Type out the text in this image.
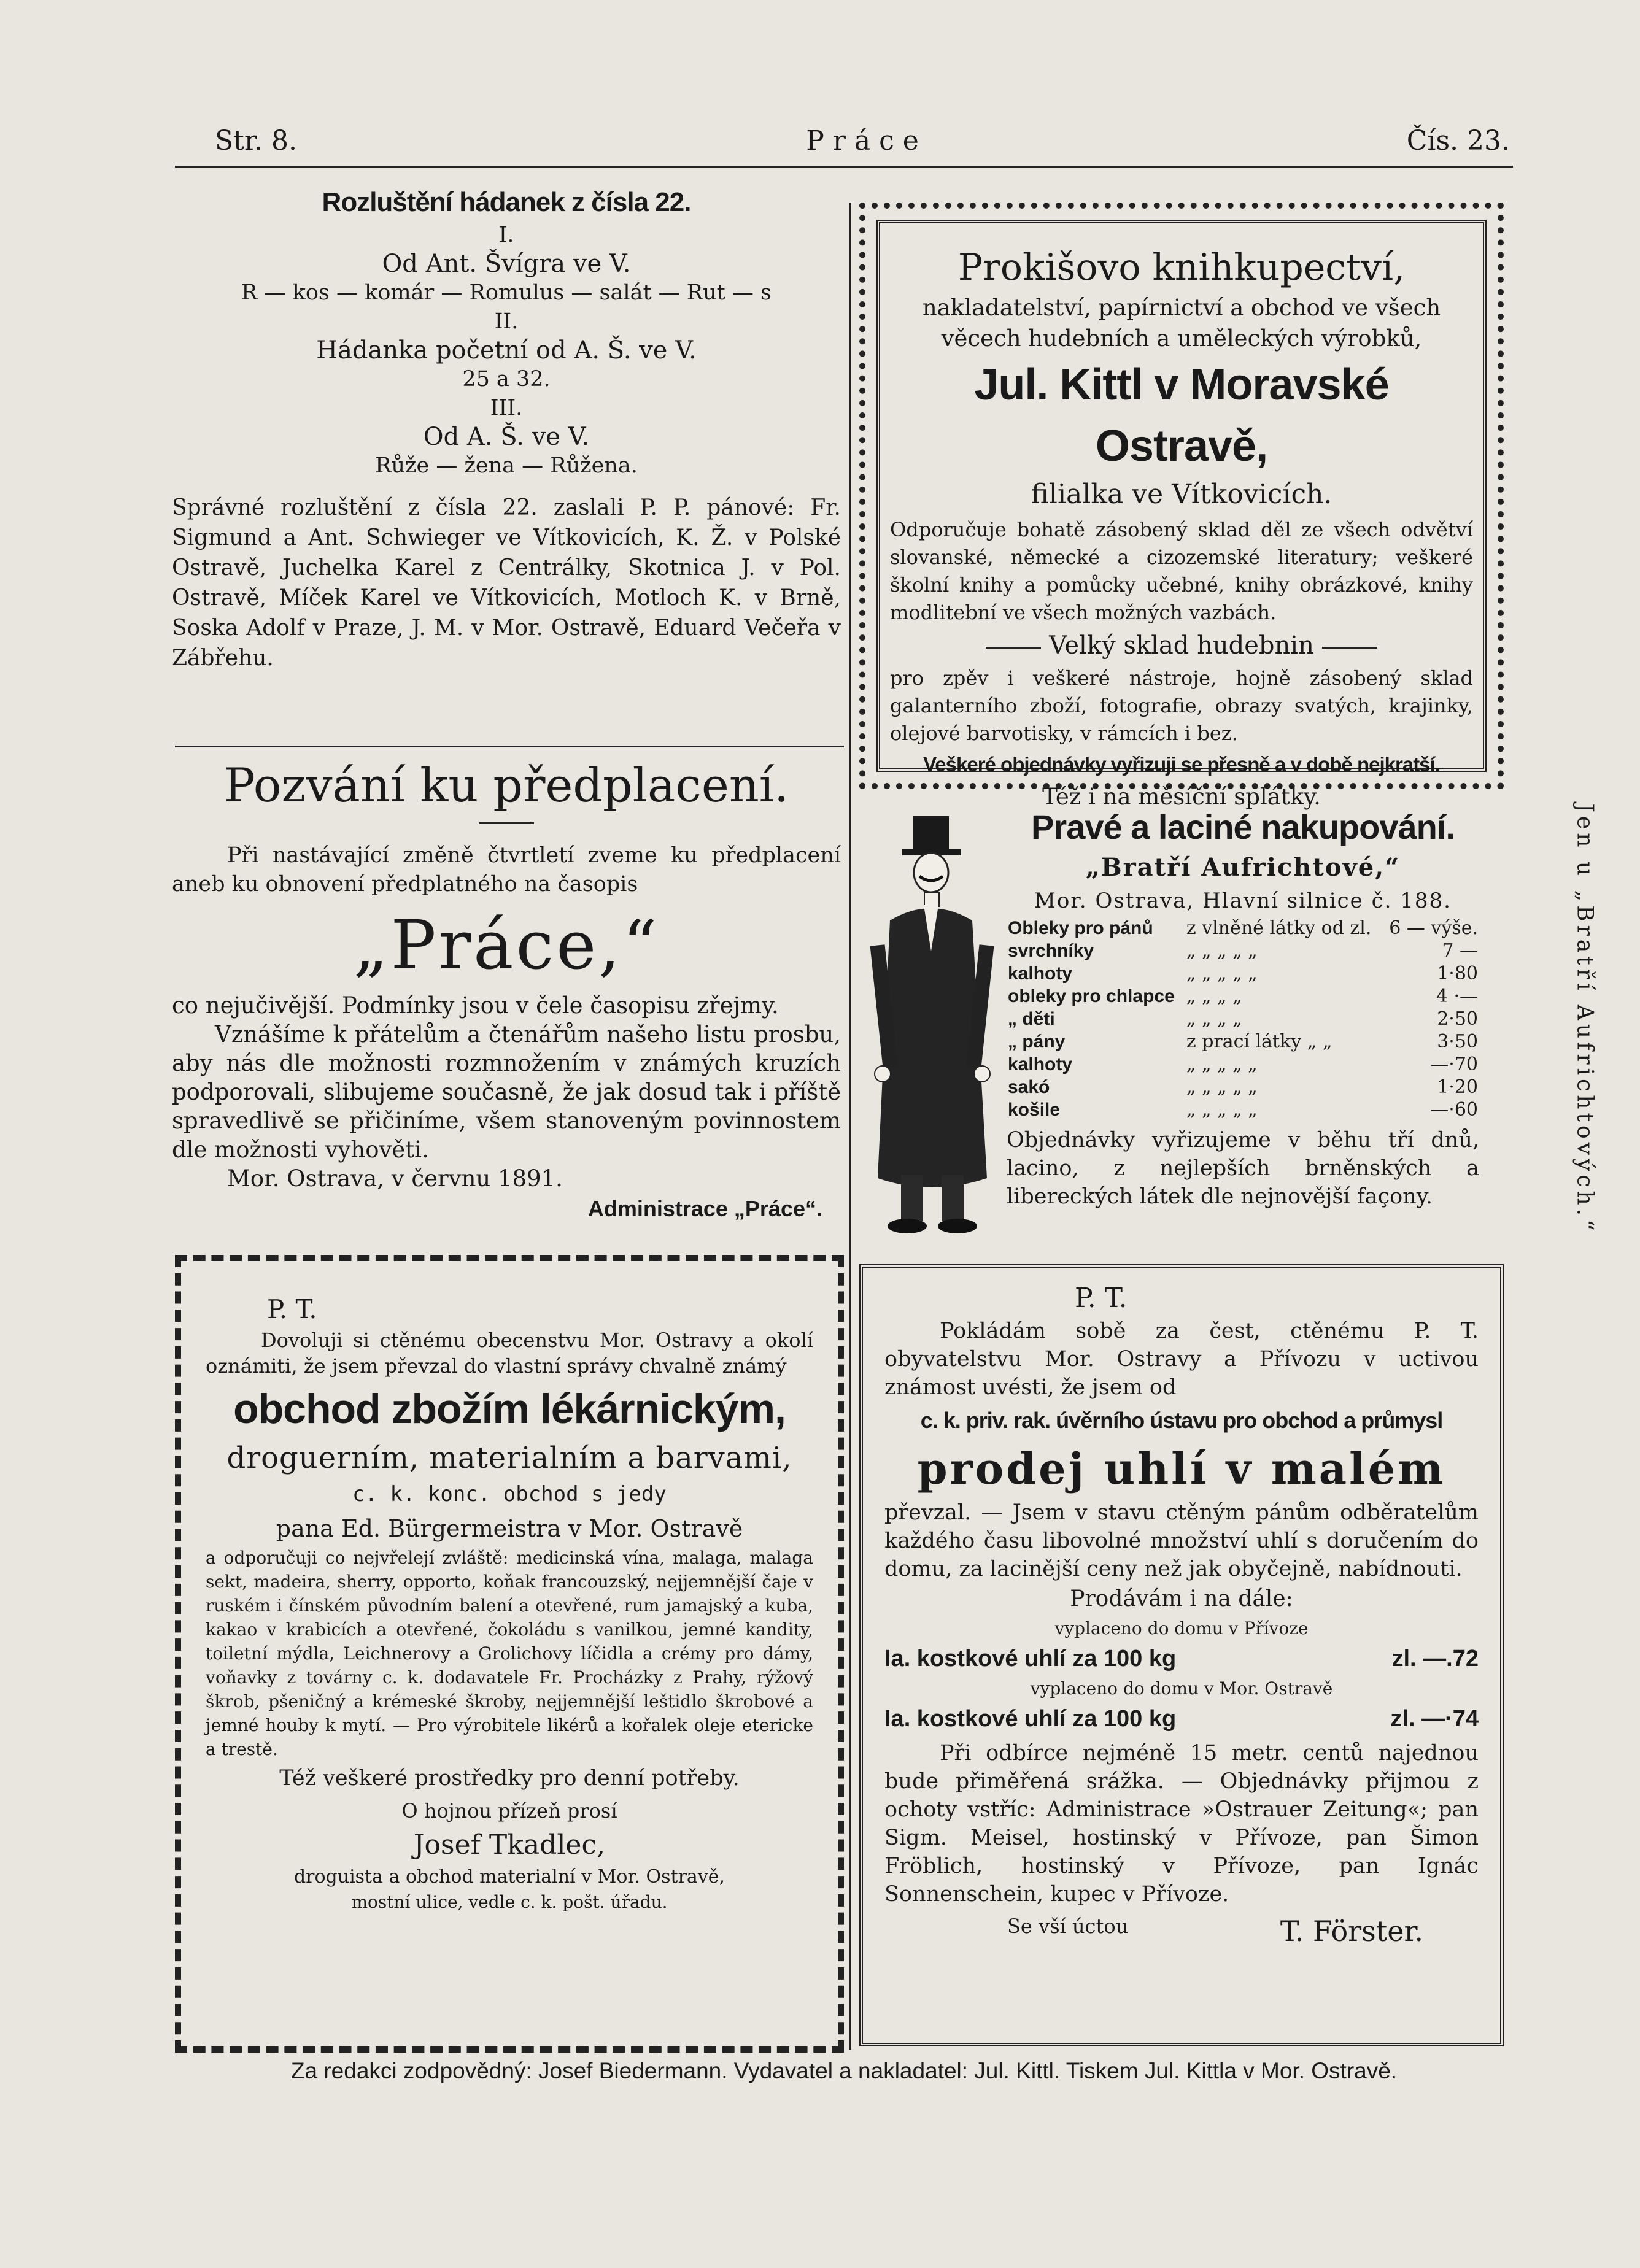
Str. 8.	P r á c e	Čís. 23.
Rozluštění hádanek z čísla 22.
I.
Od Ant. Švígra ve V.
R — kos — komár — Romulus — salát — Rut — s
II.
Hádanka početní od A. Š. ve V.
25 a 32.
III.
Od A. Š. ve V.
Růže — žena — Růžena.
Správné rozluštění z čísla 22. zaslali P. P. pánové: Fr. Sigmund a Ant. Schwieger ve Vítkovicích, K. Ž. v Polské Ostravě, Juchelka Karel z Centrálky, Skotnica J. v Pol. Ostravě, Míček Karel ve Vítkovicích, Motloch K. v Brně, Soska Adolf v Praze, J. M. v Mor. Ostravě, Eduard Večeřa v Zábřehu.
Pozvání ku předplacení.
Při nastávající změně čtvrtletí zveme ku předplacení aneb ku obnovení předplatného na časopis
„Práce,“
co nejučivější. Podmínky jsou v čele časopisu zřejmy.
Vznášíme k přátelům a čtenářům našeho listu prosbu, aby nás dle možnosti rozmnožením v známých kruzích podporovali, slibujeme současně, že jak dosud tak i příště spravedlivě se přičiníme, všem stanoveným povinnostem dle možnosti vyhověti.
Mor. Ostrava, v červnu 1891.
Administrace „Práce“.
Prokišovo knihkupectví,
nakladatelství, papírnictví a obchod ve všech
věcech hudebních a uměleckých výrobků,
Jul. Kittl v Moravské Ostravě,
filialka ve Vítkovicích.
Odporučuje bohatě zásobený sklad děl ze všech odvětví slovanské, německé a cizozemské literatury; veškeré školní knihy a pomůcky učebné, knihy obrázkové, knihy modlitební ve všech možných vazbách.
Velký sklad hudebnin
pro zpěv i veškeré nástroje, hojně zásobený sklad galanterního zboží, fotografie, obrazy svatých, krajinky, olejové barvotisky, v rámcích i bez.
Veškeré objednávky vyřizuji se přesně a v době nejkratší.
Též i na měsíční splátky.
Pravé a laciné nakupování.
„Bratří Aufrichtové,“
Mor. Ostrava, Hlavní silnice č. 188.
Obleky pro pánů	z vlněné látky od zl.	6 — výše.
svrchníky	„ „ „ „ „	7 —
kalhoty	„ „ „ „ „	1·80
obleky pro chlapce	„ „ „ „	4 ·—
„ děti	„ „ „ „	2·50
„ pány	z prací látky „ „	3·50
kalhoty	„ „ „ „ „	—·70
sakó	„ „ „ „ „	1·20
košile	„ „ „ „ „	—·60
Objednávky vyřizujeme v běhu tří dnů, lacino, z nejlepších brněnských a libereckých látek dle nejnovější façony.	Jen u „Bratří Aufrichtových.“
P. T.
Dovoluji si ctěnému obecenstvu Mor. Ostravy a okolí oznámiti, že jsem převzal do vlastní správy chvalně známý
obchod zbožím lékárnickým,
droguerním, materialním a barvami,
c. k. konc. obchod s jedy
pana Ed. Bürgermeistra v Mor. Ostravě
a odporučuji co nejvřelejí zvláště: medicinská vína, malaga, malaga sekt, madeira, sherry, opporto, koňak francouzský, nejjemnější čaje v ruském i čínském původním balení a otevřené, rum jamajský a kuba, kakao v krabicích a otevřené, čokoládu s vanilkou, jemné kandity, toiletní mýdla, Leichnerovy a Grolichovy líčidla a crémy pro dámy, voňavky z továrny c. k. dodavatele Fr. Procházky z Prahy, rýžový škrob, pšeničný a krémeské škroby, nejjemnější leštidlo škrobové a jemné houby k mytí. — Pro výrobitele likérů a kořalek oleje etericke a trestě.
Též veškeré prostředky pro denní potřeby.
O hojnou přízeň prosí
Josef Tkadlec,
droguista a obchod materialní v Mor. Ostravě,
mostní ulice, vedle c. k. pošt. úřadu.
P. T.
Pokládám sobě za čest, ctěnému P. T. obyvatelstvu Mor. Ostravy a Přívozu v uctivou známost uvésti, že jsem od
c. k. priv. rak. úvěrního ústavu pro obchod a průmysl
prodej uhlí v malém
převzal. — Jsem v stavu ctěným pánům odběratelům každého času libovolné množství uhlí s doručením do domu, za lacinější ceny než jak obyčejně, nabídnouti.
Prodávám i na dále:
vyplaceno do domu v Přívoze
Ia. kostkové uhlí za 100 kg	zl. —.72
vyplaceno do domu v Mor. Ostravě
Ia. kostkové uhlí za 100 kg	zl. —·74
Při odbírce nejméně 15 metr. centů najednou bude přiměřená srážka. — Objednávky přijmou z ochoty vstříc: Administrace »Ostrauer Zeitung«; pan Sigm. Meisel, hostinský v Přívoze, pan Šimon Fröblich, hostinský v Přívoze, pan Ignác Sonnenschein, kupec v Přívoze.
Se vší úctou	T. Förster.
Za redakci zodpovědný: Josef Biedermann. Vydavatel a nakladatel: Jul. Kittl. Tiskem Jul. Kittla v Mor. Ostravě.
